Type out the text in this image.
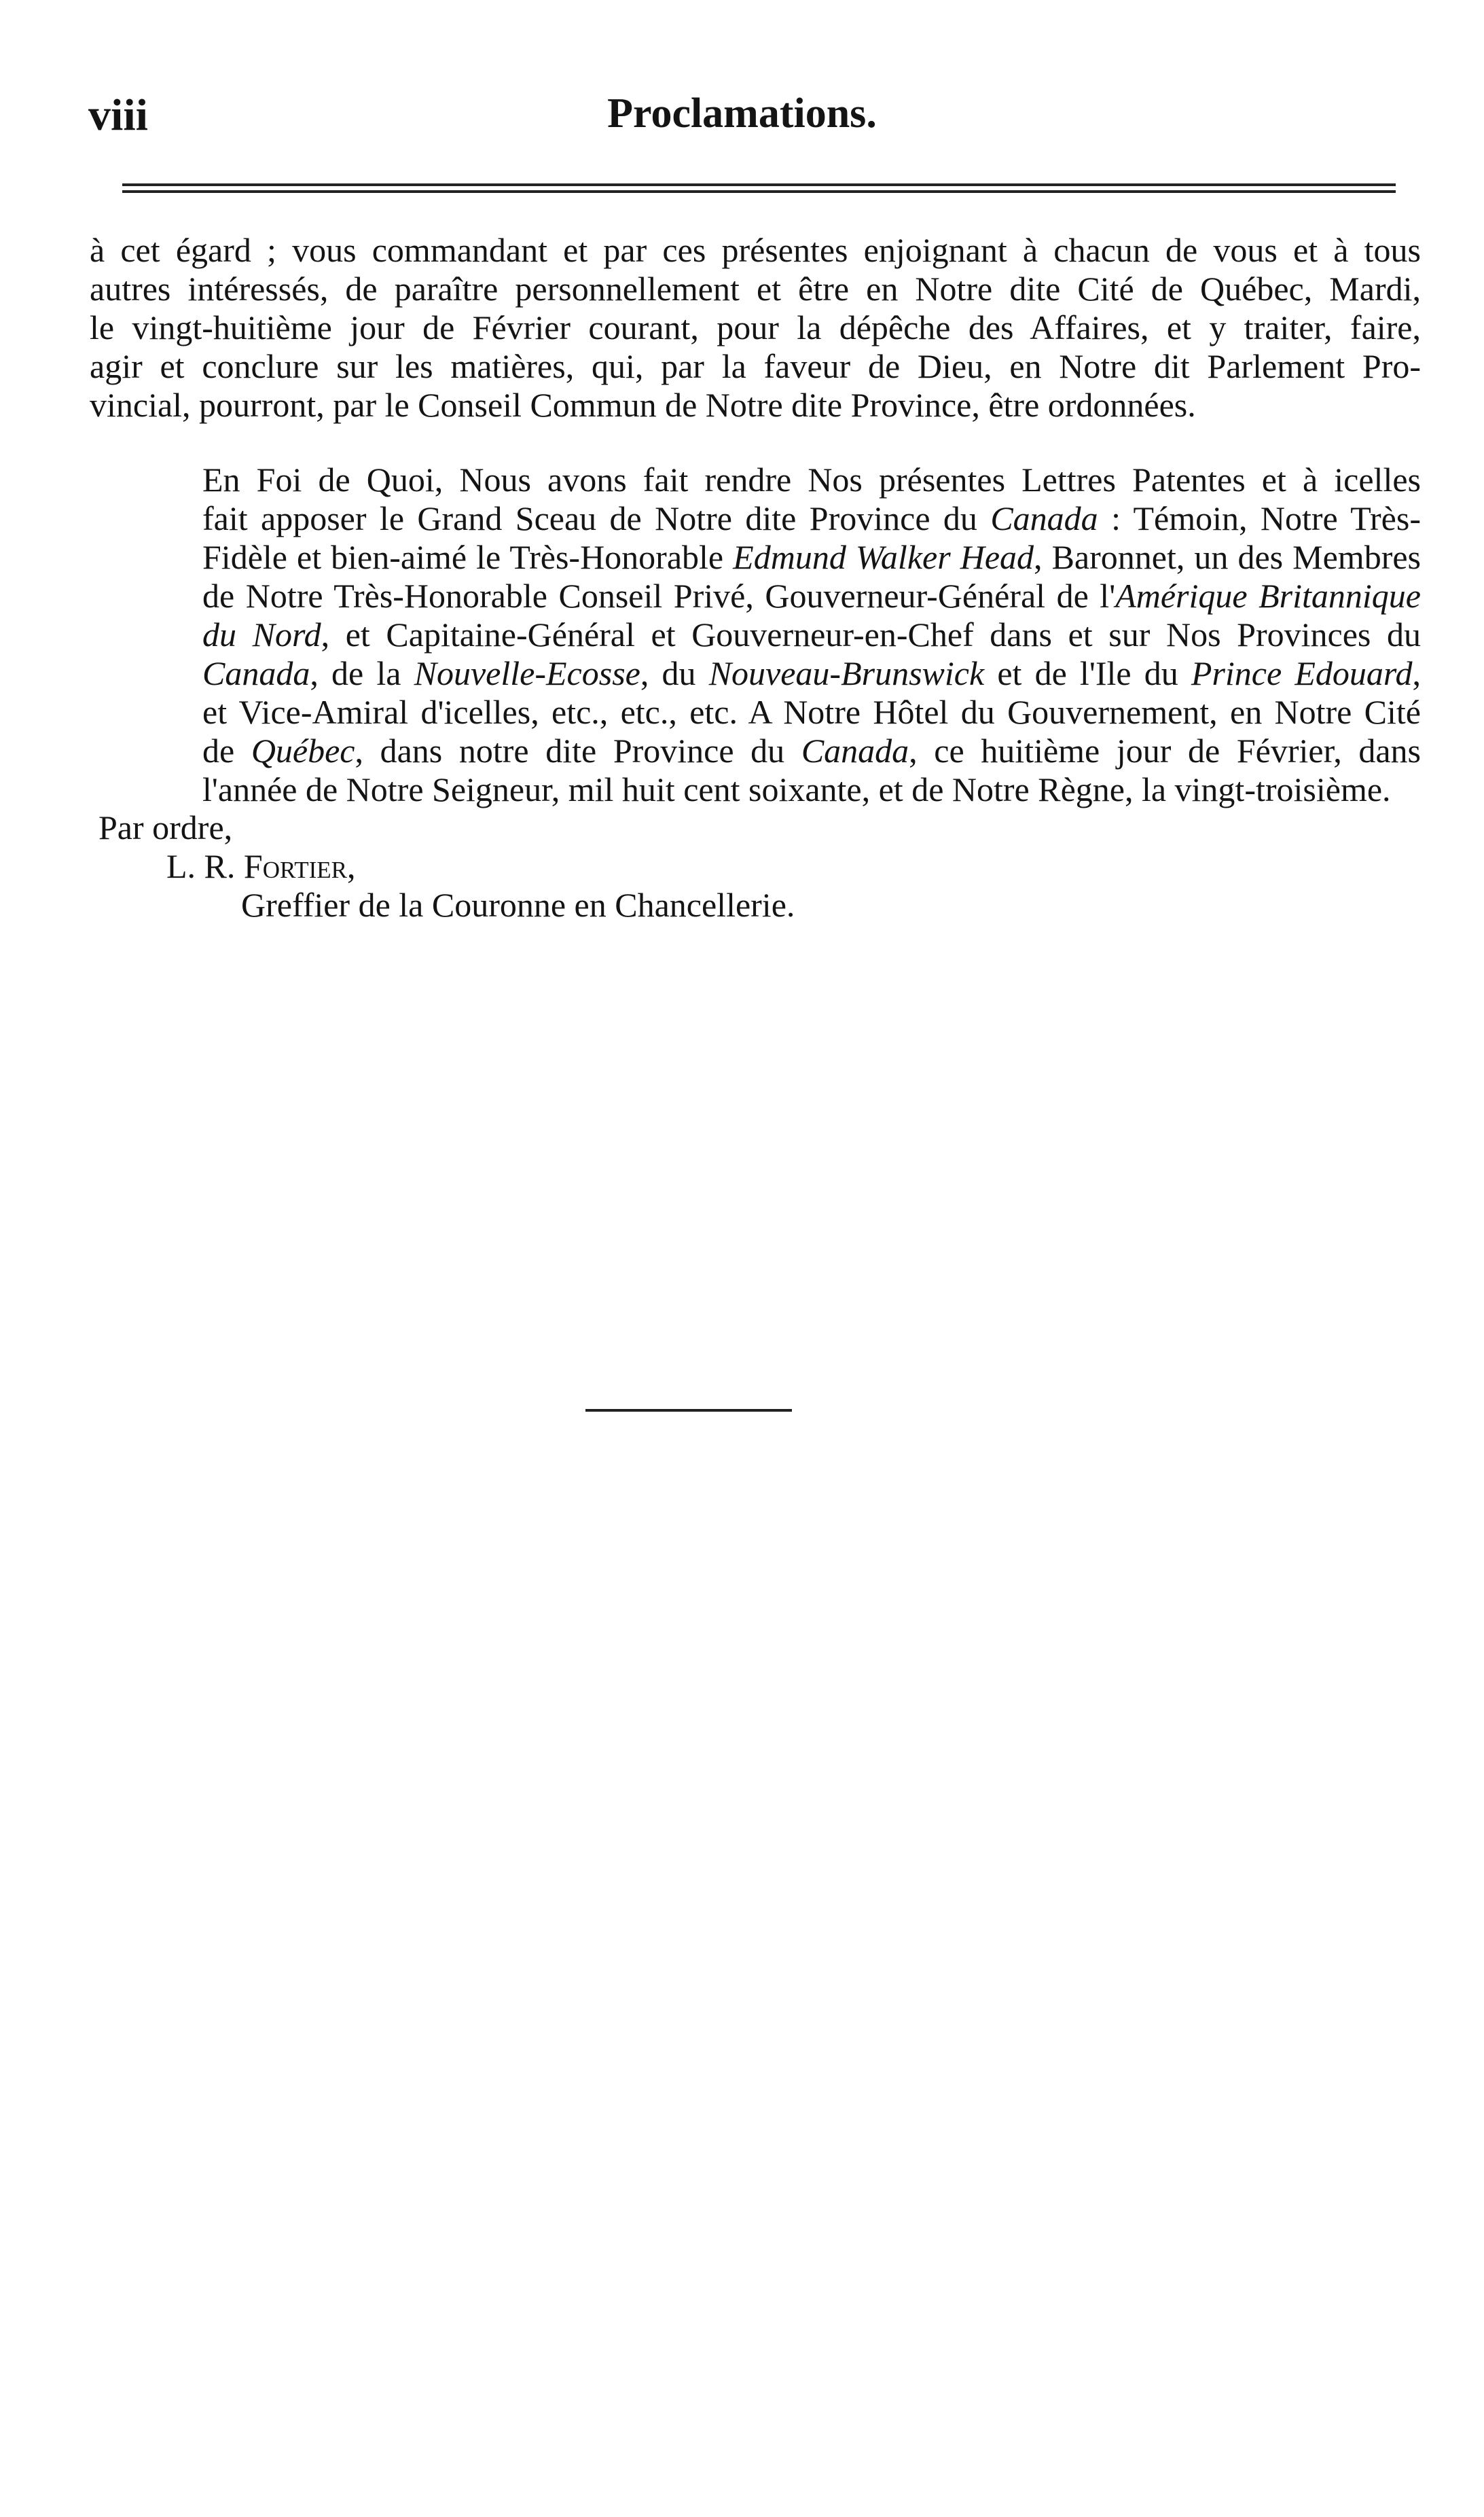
viii	Proclamations.
à cet égard ; vous commandant et par ces présentes enjoignant à chacun de vous et à tous
autres intéressés, de paraître personnellement et être en Notre dite Cité de Québec, Mardi,
le vingt-huitième jour de Février courant, pour la dépêche des Affaires, et y traiter, faire,
agir et conclure sur les matières, qui, par la faveur de Dieu, en Notre dit Parlement Pro-
vincial, pourront, par le Conseil Commun de Notre dite Province, être ordonnées.
En Foi de Quoi, Nous avons fait rendre Nos présentes Lettres Patentes et à icelles
fait apposer le Grand Sceau de Notre dite Province du Canada : Témoin, Notre Très-
Fidèle et bien-aimé le Très-Honorable Edmund Walker Head, Baronnet, un des Membres
de Notre Très-Honorable Conseil Privé, Gouverneur-Général de l'Amérique Britannique
du Nord, et Capitaine-Général et Gouverneur-en-Chef dans et sur Nos Provinces du
Canada, de la Nouvelle-Ecosse, du Nouveau-Brunswick et de l'Ile du Prince Edouard,
et Vice-Amiral d'icelles, etc., etc., etc. A Notre Hôtel du Gouvernement, en Notre Cité
de Québec, dans notre dite Province du Canada, ce huitième jour de Février, dans
l'année de Notre Seigneur, mil huit cent soixante, et de Notre Règne, la vingt-troisième.
Par ordre,
L. R. Fortier,
Greffier de la Couronne en Chancellerie.
